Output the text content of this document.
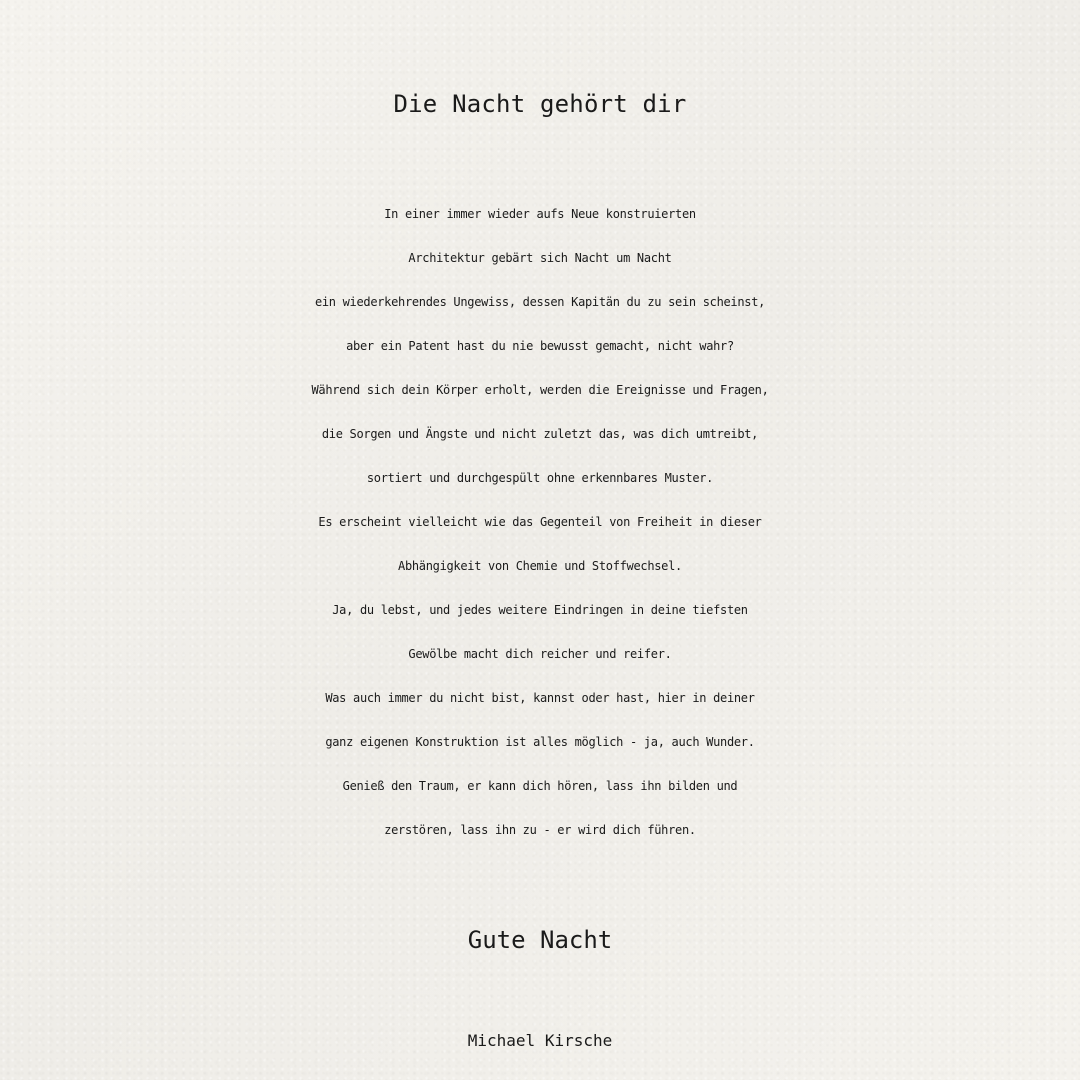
Die Nacht gehört dir
In einer immer wieder aufs Neue konstruierten
Architektur gebärt sich Nacht um Nacht
ein wiederkehrendes Ungewiss, dessen Kapitän du zu sein scheinst,
aber ein Patent hast du nie bewusst gemacht, nicht wahr?
Während sich dein Körper erholt, werden die Ereignisse und Fragen,
die Sorgen und Ängste und nicht zuletzt das, was dich umtreibt,
sortiert und durchgespült ohne erkennbares Muster.
Es erscheint vielleicht wie das Gegenteil von Freiheit in dieser
Abhängigkeit von Chemie und Stoffwechsel.
Ja, du lebst, und jedes weitere Eindringen in deine tiefsten
Gewölbe macht dich reicher und reifer.
Was auch immer du nicht bist, kannst oder hast, hier in deiner
ganz eigenen Konstruktion ist alles möglich - ja, auch Wunder.
Genieß den Traum, er kann dich hören, lass ihn bilden und
zerstören, lass ihn zu - er wird dich führen.
Gute Nacht
Michael Kirsche
